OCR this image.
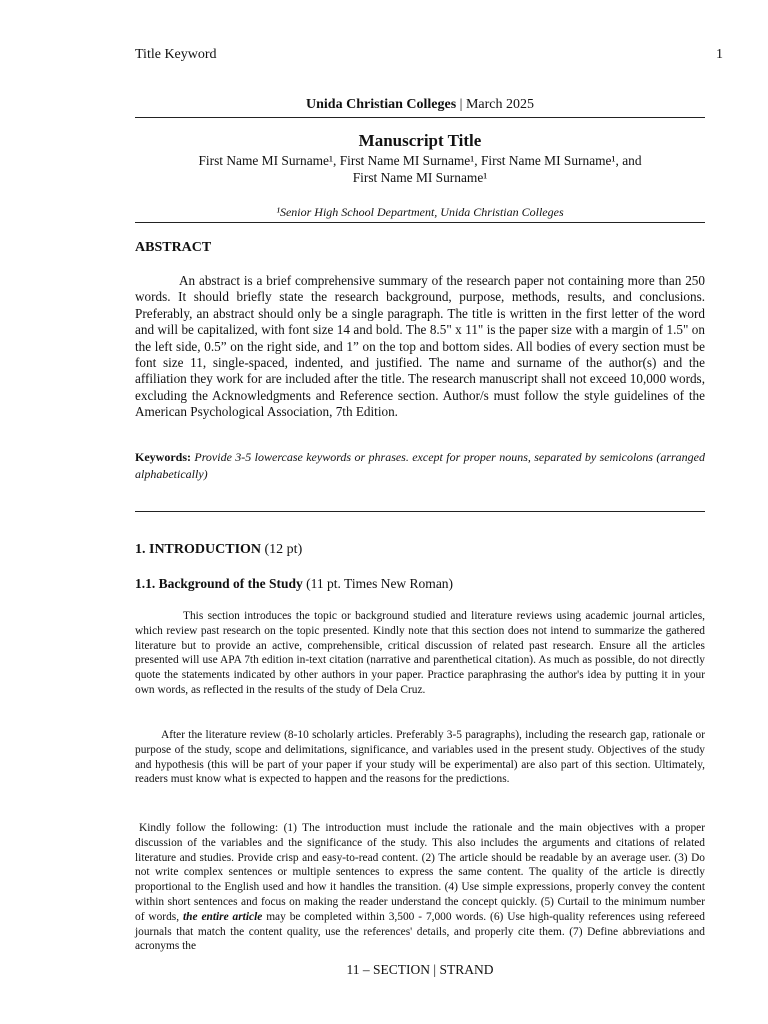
Title Keyword	1
Unida Christian Colleges | March 2025
Manuscript Title
First Name MI Surname¹, First Name MI Surname¹, First Name MI Surname¹, and
First Name MI Surname¹
¹Senior High School Department, Unida Christian Colleges
ABSTRACT

An abstract is a brief comprehensive summary of the research paper not containing more than 250 words. It should briefly state the research background, purpose, methods, results, and conclusions. Preferably, an abstract should only be a single paragraph. The title is written in the first letter of the word and will be capitalized, with font size 14 and bold. The 8.5" x 11" is the paper size with a margin of 1.5" on the left side, 0.5” on the right side, and 1” on the top and bottom sides. All bodies of every section must be font size 11, single-spaced, indented, and justified. The name and surname of the author(s) and the affiliation they work for are included after the title. The research manuscript shall not exceed 10,000 words, excluding the Acknowledgments and Reference section. Author/s must follow the style guidelines of the American Psychological Association, 7th Edition.

Keywords: Provide 3-5 lowercase keywords or phrases. except for proper nouns, separated by semicolons (arranged alphabetically)

1. INTRODUCTION (12 pt)
1.1. Background of the Study (11 pt. Times New Roman)

This section introduces the topic or background studied and literature reviews using academic journal articles, which review past research on the topic presented. Kindly note that this section does not intend to summarize the gathered literature but to provide an active, comprehensible, critical discussion of related past research. Ensure all the articles presented will use APA 7th edition in-text citation (narrative and parenthetical citation). As much as possible, do not directly quote the statements indicated by other authors in your paper. Practice paraphrasing the author's idea by putting it in your own words, as reflected in the results of the study of Dela Cruz.

After the literature review (8-10 scholarly articles. Preferably 3-5 paragraphs), including the research gap, rationale or purpose of the study, scope and delimitations, significance, and variables used in the present study. Objectives of the study and hypothesis (this will be part of your paper if your study will be experimental) are also part of this section. Ultimately, readers must know what is expected to happen and the reasons for the predictions.

Kindly follow the following: (1) The introduction must include the rationale and the main objectives with a proper discussion of the variables and the significance of the study. This also includes the arguments and citations of related literature and studies. Provide crisp and easy-to-read content. (2) The article should be readable by an average user. (3) Do not write complex sentences or multiple sentences to express the same content. The quality of the article is directly proportional to the English used and how it handles the transition. (4) Use simple expressions, properly convey the content within short sentences and focus on making the reader understand the concept quickly. (5) Curtail to the minimum number of words, the entire article may be completed within 3,500 - 7,000 words. (6) Use high-quality references using refereed journals that match the content quality, use the references' details, and properly cite them. (7) Define abbreviations and acronyms the

11 – SECTION | STRAND
